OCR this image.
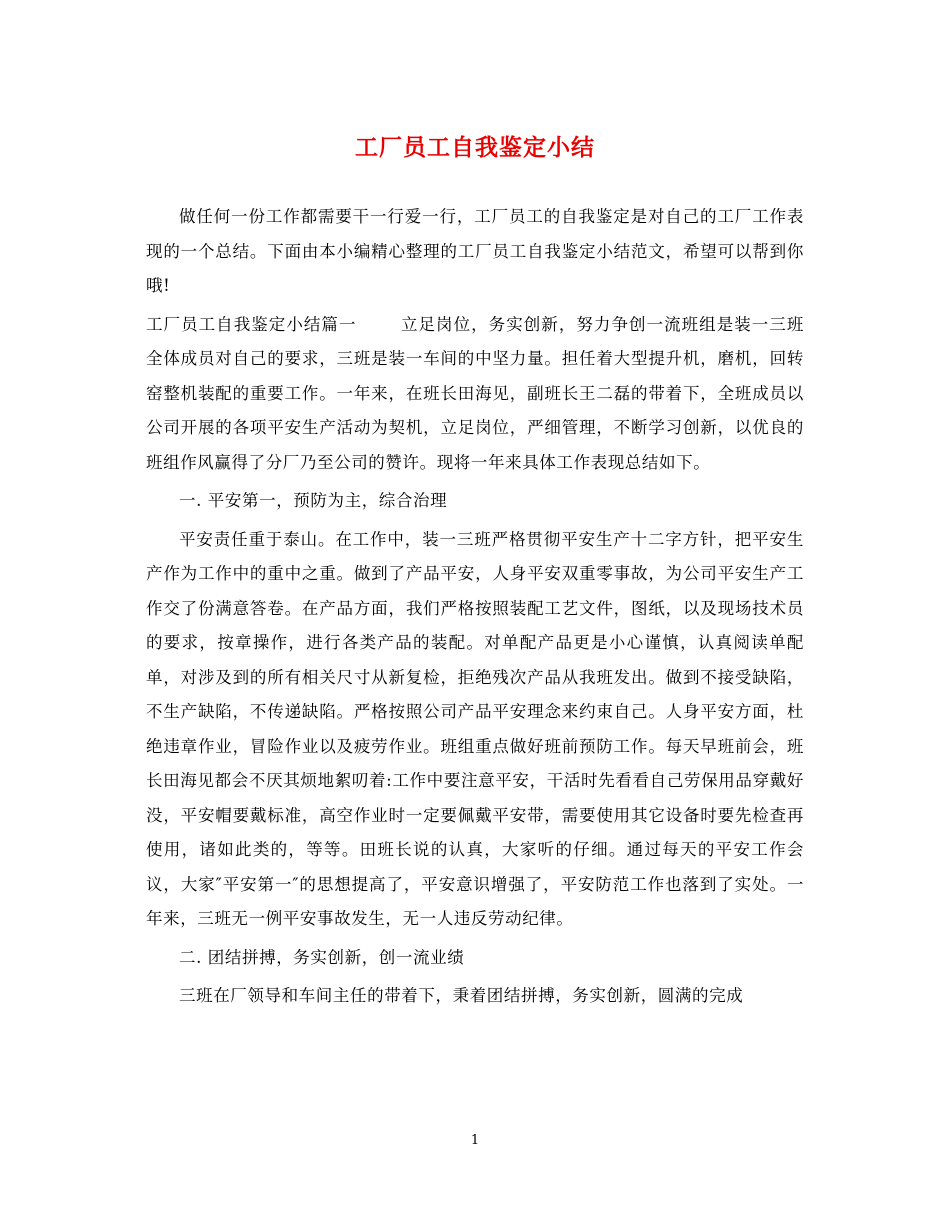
工厂员工自我鉴定小结

做任何一份工作都需要干一行爱一行，工厂员工的自我鉴定是对自己的工厂工作表现的一个总结。下面由本小编精心整理的工厂员工自我鉴定小结范文，希望可以帮到你哦!

工厂员工自我鉴定小结篇一	立足岗位，务实创新，努力争创一流班组是装一三班全体成员对自己的要求，三班是装一车间的中坚力量。担任着大型提升机，磨机，回转窑整机装配的重要工作。一年来，在班长田海见，副班长王二磊的带着下，全班成员以公司开展的各项平安生产活动为契机，立足岗位，严细管理，不断学习创新，以优良的班组作风赢得了分厂乃至公司的赞许。现将一年来具体工作表现总结如下。

一. 平安第一，预防为主，综合治理

平安责任重于泰山。在工作中，装一三班严格贯彻平安生产十二字方针，把平安生产作为工作中的重中之重。做到了产品平安，人身平安双重零事故，为公司平安生产工作交了份满意答卷。在产品方面，我们严格按照装配工艺文件，图纸，以及现场技术员的要求，按章操作，进行各类产品的装配。对单配产品更是小心谨慎，认真阅读单配单，对涉及到的所有相关尺寸从新复检，拒绝残次产品从我班发出。做到不接受缺陷，不生产缺陷，不传递缺陷。严格按照公司产品平安理念来约束自己。人身平安方面，杜绝违章作业，冒险作业以及疲劳作业。班组重点做好班前预防工作。每天早班前会，班长田海见都会不厌其烦地絮叨着:工作中要注意平安，干活时先看看自己劳保用品穿戴好没，平安帽要戴标准，高空作业时一定要佩戴平安带，需要使用其它设备时要先检查再使用，诸如此类的，等等。田班长说的认真，大家听的仔细。通过每天的平安工作会议，大家″平安第一″的思想提高了，平安意识增强了，平安防范工作也落到了实处。一年来，三班无一例平安事故发生，无一人违反劳动纪律。

二. 团结拼搏，务实创新，创一流业绩

三班在厂领导和车间主任的带着下，秉着团结拼搏，务实创新，圆满的完成

1
